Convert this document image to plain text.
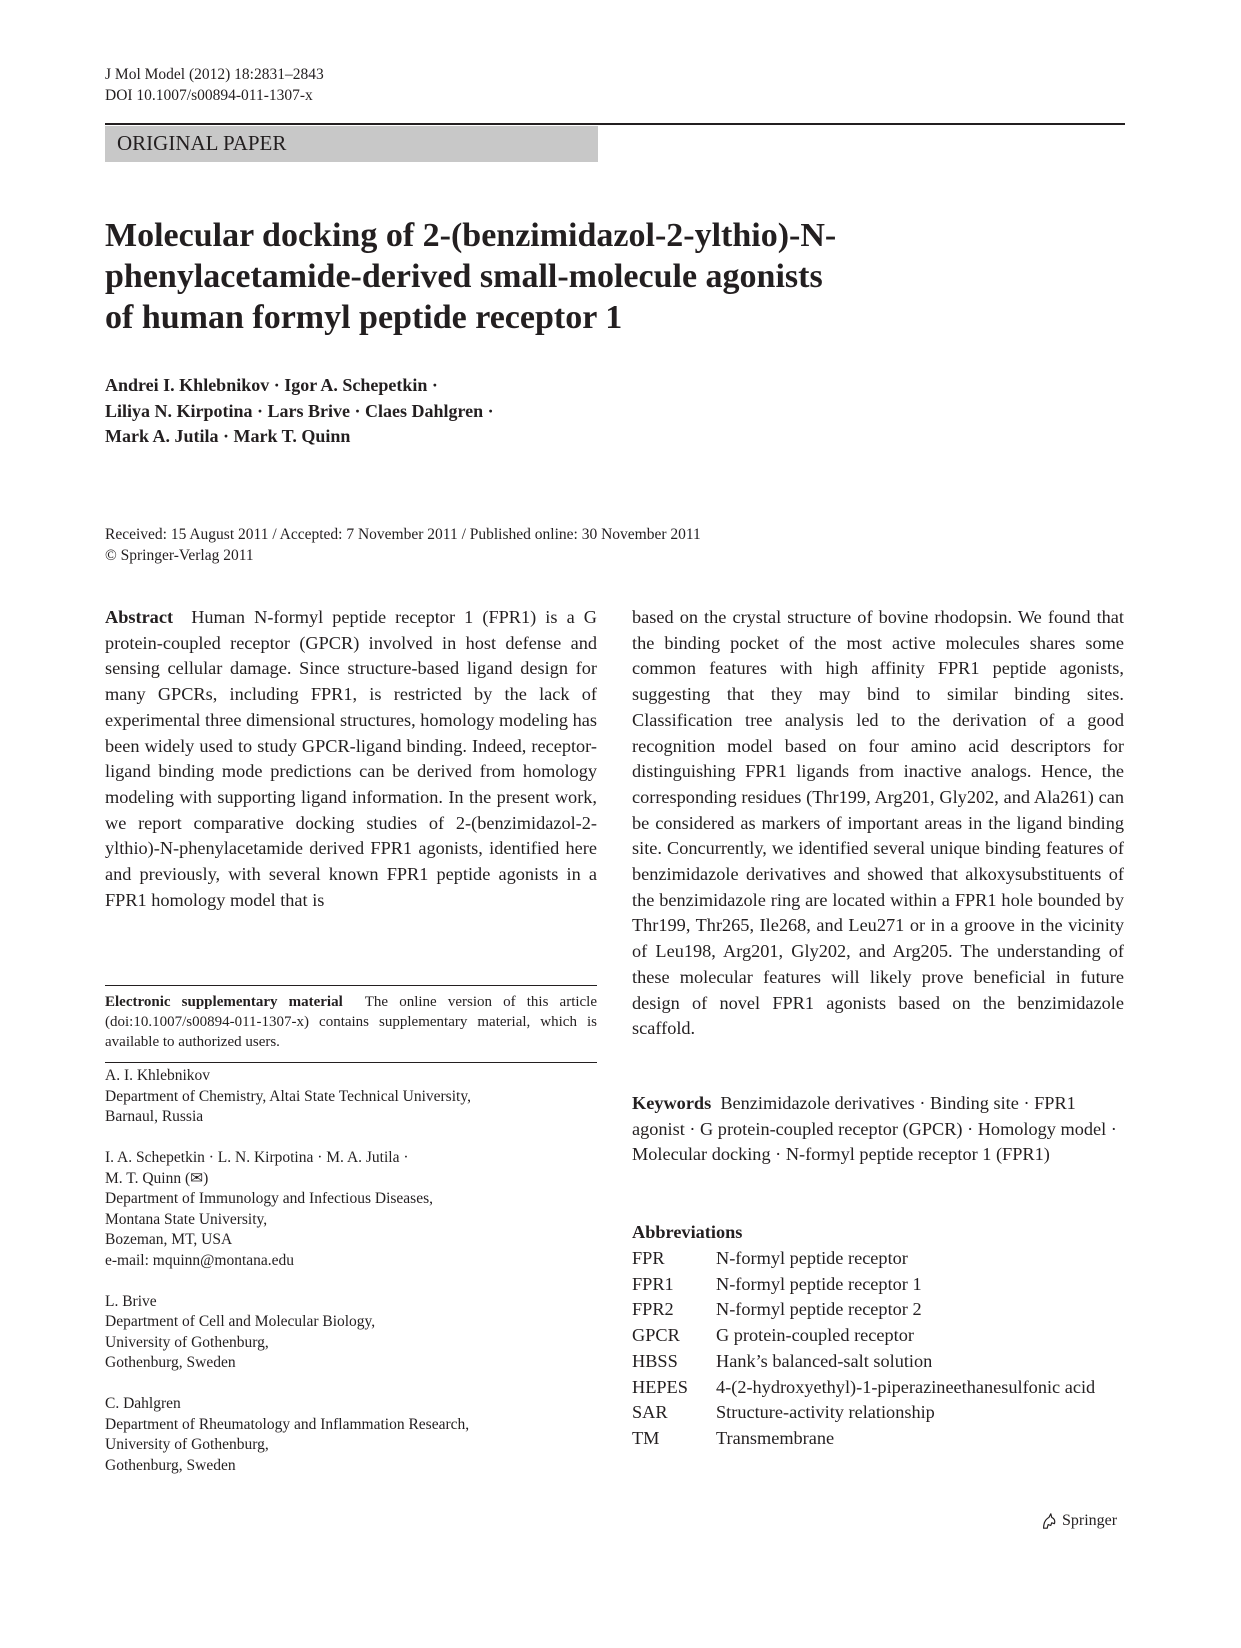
J Mol Model (2012) 18:2831–2843
DOI 10.1007/s00894-011-1307-x
ORIGINAL PAPER
Molecular docking of 2-(benzimidazol-2-ylthio)-N-
phenylacetamide-derived small-molecule agonists
of human formyl peptide receptor 1
Andrei I. Khlebnikov · Igor A. Schepetkin ·
Liliya N. Kirpotina · Lars Brive · Claes Dahlgren ·
Mark A. Jutila · Mark T. Quinn
Received: 15 August 2011 / Accepted: 7 November 2011 / Published online: 30 November 2011
© Springer-Verlag 2011

Abstract Human N-formyl peptide receptor 1 (FPR1) is a G protein-coupled receptor (GPCR) involved in host defense and sensing cellular damage. Since structure-based ligand design for many GPCRs, including FPR1, is restricted by the lack of experimental three dimensional structures, homology modeling has been widely used to study GPCR-ligand binding. Indeed, receptor-ligand binding mode predictions can be derived from homology modeling with supporting ligand information. In the present work, we report comparative docking studies of 2-(benzimidazol-2-ylthio)-N-phenylacetamide derived FPR1 agonists, identified here and previously, with several known FPR1 peptide agonists in a FPR1 homology model that is

based on the crystal structure of bovine rhodopsin. We found that the binding pocket of the most active molecules shares some common features with high affinity FPR1 peptide agonists, suggesting that they may bind to similar binding sites. Classification tree analysis led to the derivation of a good recognition model based on four amino acid descriptors for distinguishing FPR1 ligands from inactive analogs. Hence, the corresponding residues (Thr199, Arg201, Gly202, and Ala261) can be considered as markers of important areas in the ligand binding site. Concurrently, we identified several unique binding features of benzimidazole derivatives and showed that alkoxysubstituents of the benzimidazole ring are located within a FPR1 hole bounded by Thr199, Thr265, Ile268, and Leu271 or in a groove in the vicinity of Leu198, Arg201, Gly202, and Arg205. The understanding of these molecular features will likely prove beneficial in future design of novel FPR1 agonists based on the benzimidazole scaffold.

Electronic supplementary material The online version of this article (doi:10.1007/s00894-011-1307-x) contains supplementary material, which is available to authorized users.
A. I. Khlebnikov
Department of Chemistry, Altai State Technical University,
Barnaul, Russia
I. A. Schepetkin · L. N. Kirpotina · M. A. Jutila ·
M. T. Quinn (✉)
Department of Immunology and Infectious Diseases,
Montana State University,
Bozeman, MT, USA
e-mail: mquinn@montana.edu
L. Brive
Department of Cell and Molecular Biology,
University of Gothenburg,
Gothenburg, Sweden
C. Dahlgren
Department of Rheumatology and Inflammation Research,
University of Gothenburg,
Gothenburg, Sweden
Keywords Benzimidazole derivatives · Binding site · FPR1 agonist · G protein-coupled receptor (GPCR) · Homology model · Molecular docking · N-formyl peptide receptor 1 (FPR1)
Abbreviations
FPR	N-formyl peptide receptor
FPR1	N-formyl peptide receptor 1
FPR2	N-formyl peptide receptor 2
GPCR	G protein-coupled receptor
HBSS	Hank’s balanced-salt solution
HEPES	4-(2-hydroxyethyl)-1-piperazineethanesulfonic acid
SAR	Structure-activity relationship
TM	Transmembrane
Springer
